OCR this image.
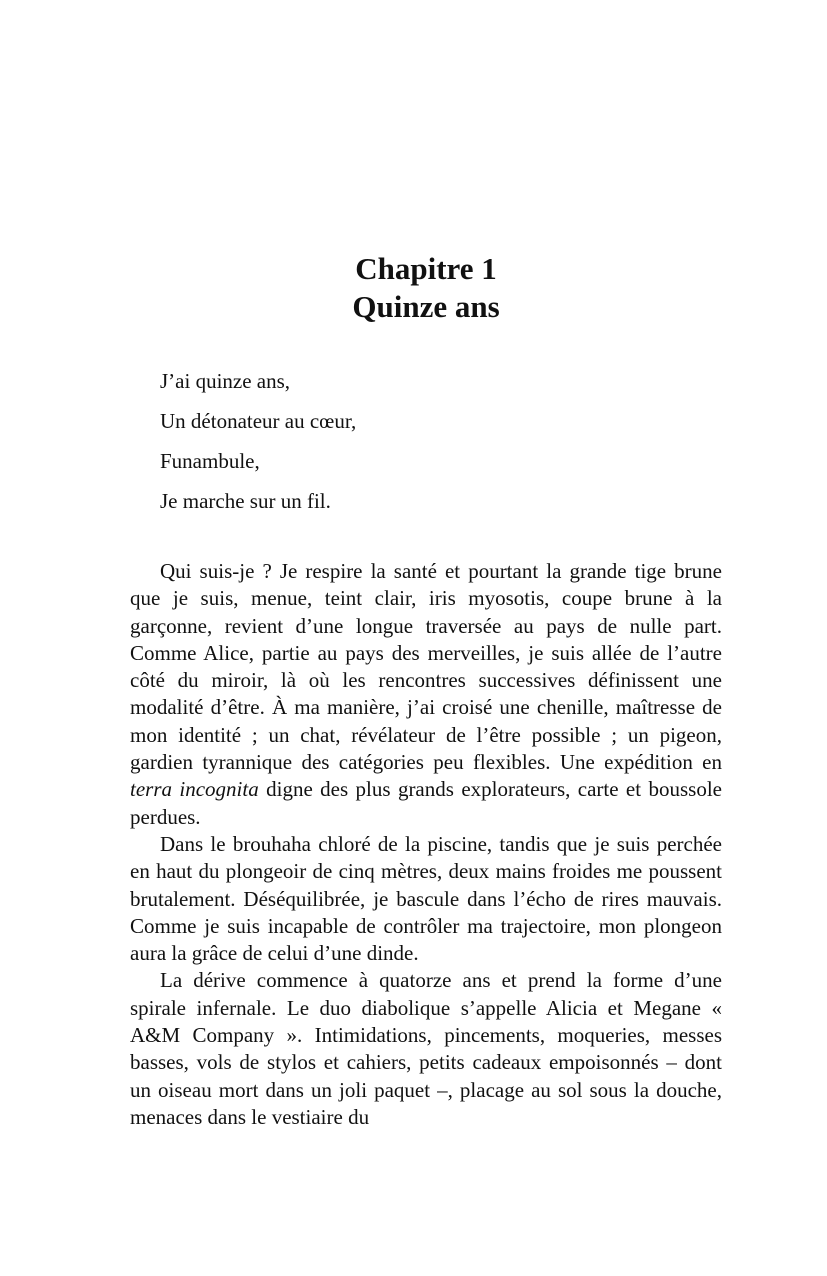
Chapitre 1
Quinze ans
J’ai quinze ans,
Un détonateur au cœur,
Funambule,
Je marche sur un fil.

Qui suis-je ? Je respire la santé et pourtant la grande tige brune que je suis, menue, teint clair, iris myosotis, coupe brune à la garçonne, revient d’une longue traversée au pays de nulle part. Comme Alice, partie au pays des merveilles, je suis allée de l’autre côté du miroir, là où les rencontres successives définissent une modalité d’être. À ma manière, j’ai croisé une chenille, maîtresse de mon identité ; un chat, révélateur de l’être possible ; un pigeon, gardien tyrannique des catégories peu flexibles. Une expédition en terra incognita digne des plus grands explorateurs, carte et boussole perdues.

Dans le brouhaha chloré de la piscine, tandis que je suis perchée en haut du plongeoir de cinq mètres, deux mains froides me poussent brutalement. Déséquilibrée, je bascule dans l’écho de rires mauvais. Comme je suis incapable de contrôler ma trajectoire, mon plongeon aura la grâce de celui d’une dinde.

La dérive commence à quatorze ans et prend la forme d’une spirale infernale. Le duo diabolique s’appelle Alicia et Megane « A&M Company ». Intimidations, pincements, moqueries, messes basses, vols de stylos et cahiers, petits cadeaux empoisonnés – dont un oiseau mort dans un joli paquet –, placage au sol sous la douche, menaces dans le vestiaire du
